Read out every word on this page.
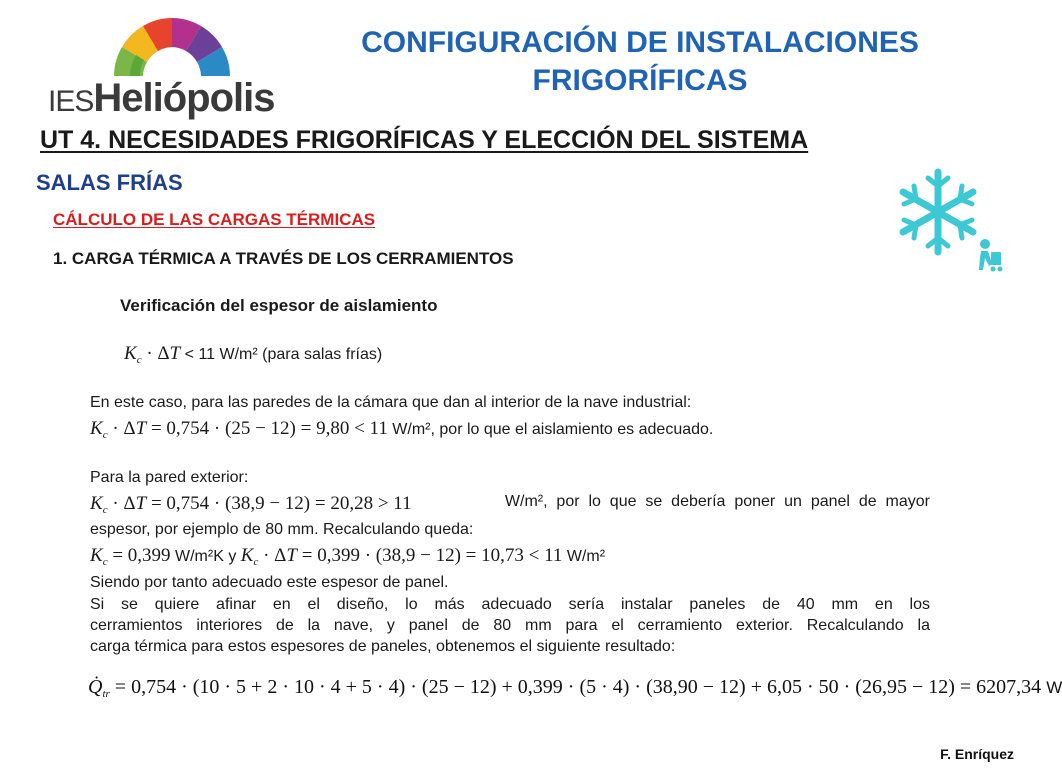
IESHeliópolis
CONFIGURACIÓN DE INSTALACIONES
FRIGORÍFICAS
UT 4. NECESIDADES FRIGORÍFICAS Y ELECCIÓN DEL SISTEMA
SALAS FRÍAS
CÁLCULO DE LAS CARGAS TÉRMICAS
1. CARGA TÉRMICA A TRAVÉS DE LOS CERRAMIENTOS
Verificación del espesor de aislamiento
$K_c \cdot \Delta T < 11$ W/m² (para salas frías)
En este caso, para las paredes de la cámara que dan al interior de la nave industrial:
$K_c \cdot \Delta T = 0,754 \cdot (25 - 12) = 9,80 < 11$ W/m², por lo que el aislamiento es adecuado.
Para la pared exterior:
$K_c \cdot \Delta T = 0,754 \cdot (38,9 - 12) = 20,28 > 11$	W/m²,  por  lo  que  se  debería  poner  un  panel  de  mayor
espesor, por ejemplo de 80 mm. Recalculando queda:
$K_c = 0,399$ W/m²K y $K_c \cdot \Delta T = 0,399 \cdot (38,9 - 12) = 10,73 < 11$ W/m²
Siendo por tanto adecuado este espesor de panel.
Si se quiere afinar en el diseño, lo más adecuado sería instalar paneles de 40 mm en los
cerramientos interiores de la nave, y panel de 80 mm para el cerramiento exterior. Recalculando la
carga térmica para estos espesores de paneles, obtenemos el siguiente resultado:
$Q̇_{tr} = 0,754 \cdot (10 \cdot 5 + 2 \cdot 10 \cdot 4 + 5 \cdot 4) \cdot (25 - 12) + 0,399 \cdot (5 \cdot 4) \cdot (38,90 - 12) + 6,05 \cdot 50 \cdot (26,95 - 12) = 6207,34$ W
F. Enríquez
